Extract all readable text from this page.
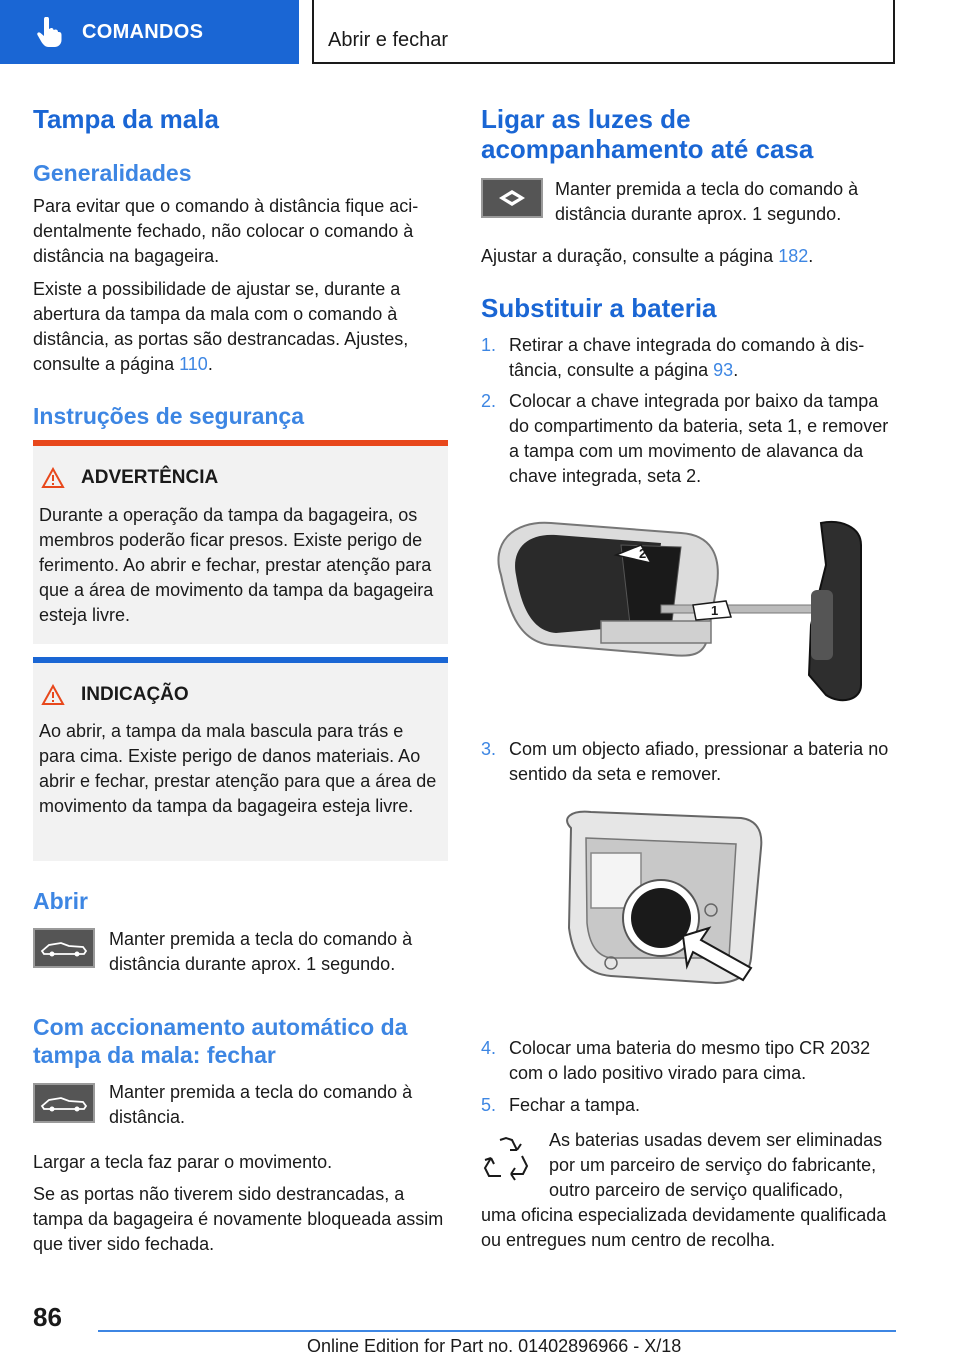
COMANDOS	Abrir e fechar
Tampa da mala
Generalidades

Para evitar que o comando à distância fique acidentalmente fechado, não colocar o comando à distância na bagageira.

Existe a possibilidade de ajustar se, durante a abertura da tampa da mala com o comando à distância, as portas são destrancadas. Ajustes, consulte a página 110.

Instruções de segurança
ADVERTÊNCIA

Durante a operação da tampa da bagageira, os membros poderão ficar presos. Existe perigo de ferimento. Ao abrir e fechar, prestar atenção para que a área de movimento da tampa da bagageira esteja livre.

INDICAÇÃO

Ao abrir, a tampa da mala bascula para trás e para cima. Existe perigo de danos materiais. Ao abrir e fechar, prestar atenção para que a área de movimento da tampa da bagageira esteja livre.

Abrir

Manter premida a tecla do comando à distância durante aprox. 1 segundo.

Com accionamento automático da
tampa da mala: fechar

Manter premida a tecla do comando à distância.

Largar a tecla faz parar o movimento.

Se as portas não tiverem sido destrancadas, a tampa da bagageira é novamente bloqueada assim que tiver sido fechada.

Ligar as luzes de
acompanhamento até casa

Manter premida a tecla do comando à distância durante aprox. 1 segundo.

Ajustar a duração, consulte a página 182.

Substituir a bateria
1. Retirar a chave integrada do comando à distância, consulte a página 93.

2. Colocar a chave integrada por baixo da tampa do compartimento da bateria, seta 1, e remover a tampa com um movimento de alavanca da chave integrada, seta 2.

2
1
3. Com um objecto afiado, pressionar a bateria no sentido da seta e remover.

4. Colocar uma bateria do mesmo tipo CR 2032 com o lado positivo virado para cima.

5. Fechar a tampa.

As baterias usadas devem ser eliminadas por um parceiro de serviço do fabricante, outro parceiro de serviço qualificado,

uma oficina especializada devidamente qualificada ou entregues num centro de recolha.

86
Online Edition for Part no. 01402896966 - X/18
